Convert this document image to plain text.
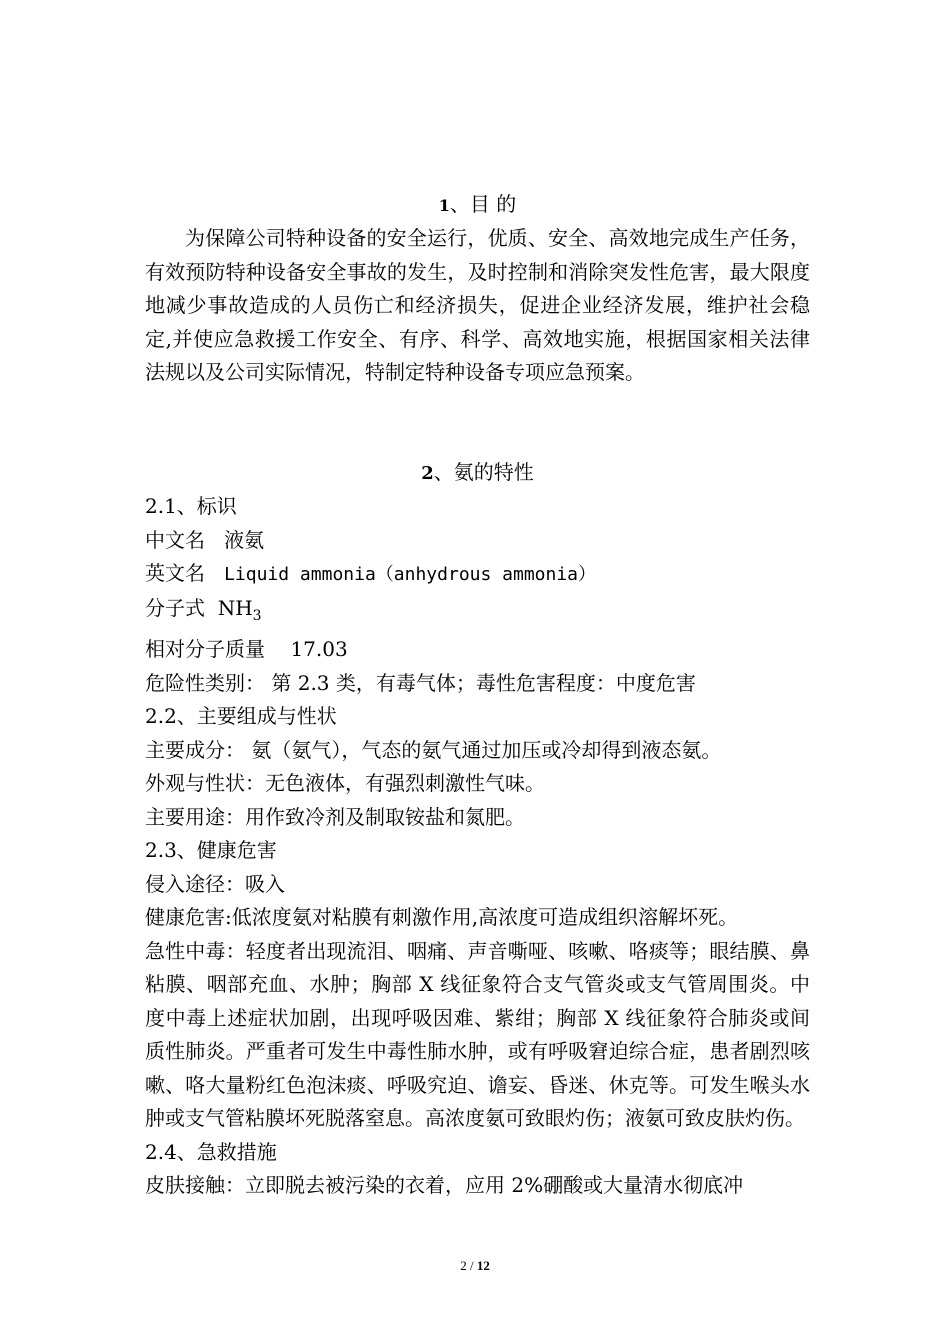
1、目 的

为保障公司特种设备的安全运行，优质、安全、高效地完成生产任务，有效预防特种设备安全事故的发生，及时控制和消除突发性危害，最大限度地减少事故造成的人员伤亡和经济损失，促进企业经济发展，维护社会稳定,并使应急救援工作安全、有序、科学、高效地实施，根据国家相关法律法规以及公司实际情况，特制定特种设备专项应急预案。

2、氨的特性
2.1、标识
中文名 液氨
英文名 Liquid ammonia（anhydrous ammonia）
分子式 $NH_3$
相对分子质量 17.03
危险性类别： 第 2.3 类，有毒气体；毒性危害程度：中度危害
2.2、主要组成与性状
主要成分： 氨（氨气），气态的氨气通过加压或冷却得到液态氨。
外观与性状：无色液体，有强烈刺激性气味。
主要用途：用作致冷剂及制取铵盐和氮肥。
2.3、健康危害
侵入途径：吸入
健康危害:低浓度氨对粘膜有刺激作用,高浓度可造成组织溶解坏死。
急性中毒：轻度者出现流泪、咽痛、声音嘶哑、咳嗽、咯痰等；眼结膜、鼻粘膜、咽部充血、水肿；胸部 X 线征象符合支气管炎或支气管周围炎。中度中毒上述症状加剧，出现呼吸因难、紫绀；胸部 X 线征象符合肺炎或间质性肺炎。严重者可发生中毒性肺水肿，或有呼吸窘迫综合症，患者剧烈咳嗽、咯大量粉红色泡沫痰、呼吸究迫、谵妄、昏迷、休克等。可发生喉头水肿或支气管粘膜坏死脱落窒息。高浓度氨可致眼灼伤；液氨可致皮肤灼伤。
2.4、急救措施
皮肤接触：立即脱去被污染的衣着，应用 2%硼酸或大量清水彻底冲
2 / 12
